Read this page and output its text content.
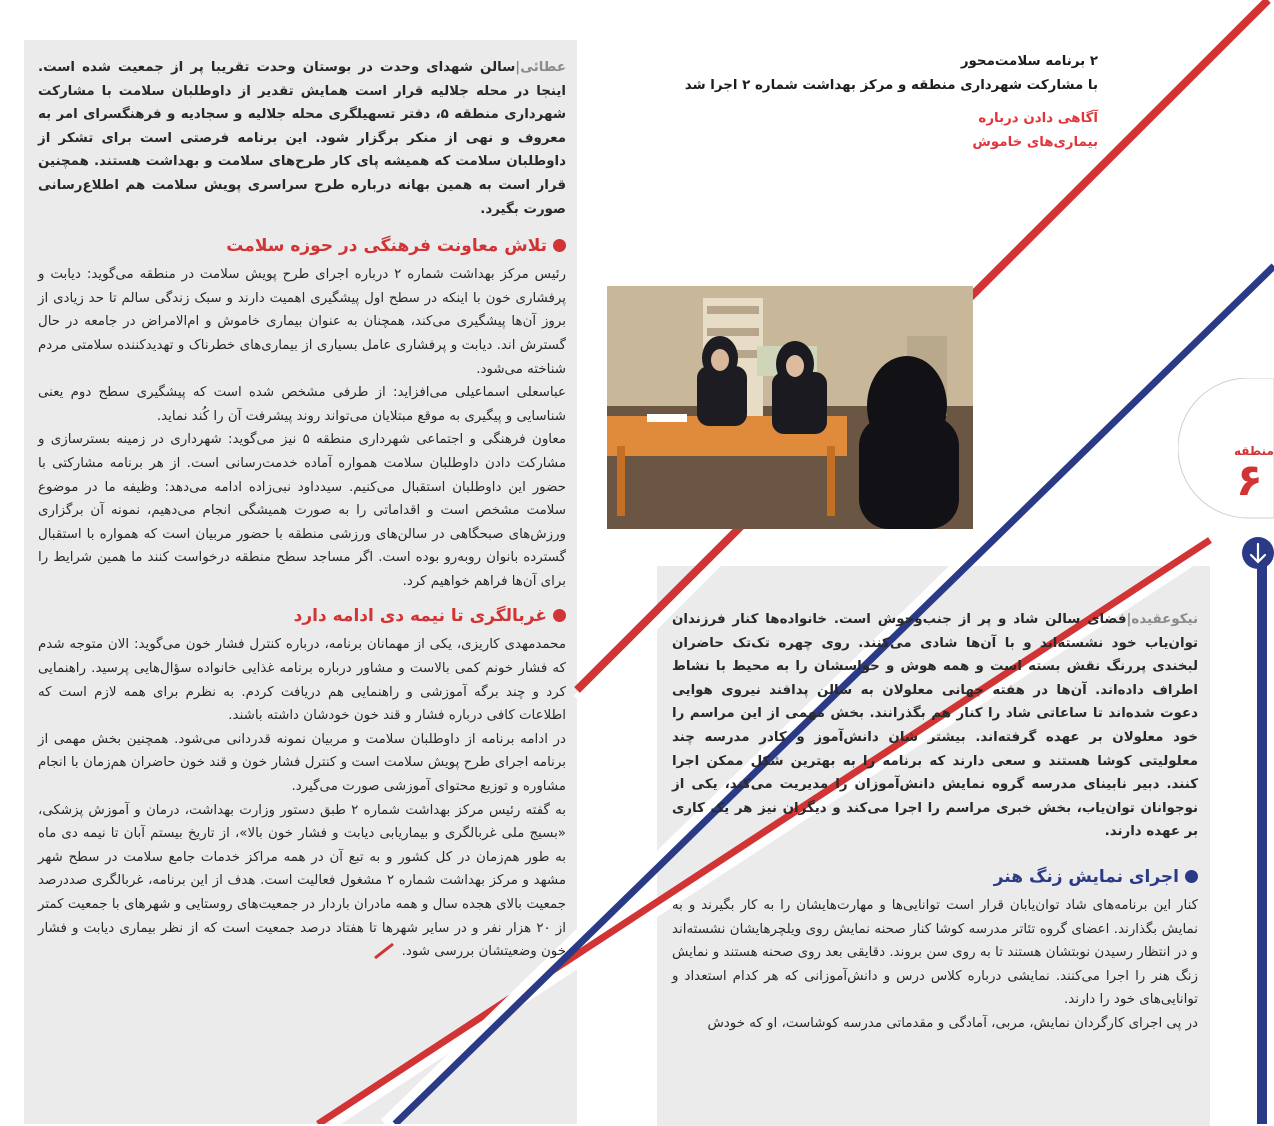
۲ برنامه سلامت‌محور

با مشارکت شهرداری منطقه و مرکز بهداشت شماره ۲ اجرا شد

آگاهی دادن درباره

بیماری‌های خاموش

منطقه
۶

عطائی|سالن شهدای وحدت در بوستان وحدت تقریبا پر از جمعیت شده است. اینجا در محله جلالیه قرار است همایش تقدیر از داوطلبان سلامت با مشارکت شهرداری منطقه ۵، دفتر تسهیلگری محله جلالیه و سجادیه و فرهنگسرای امر به معروف و نهی از منکر برگزار شود. این برنامه فرصتی است برای تشکر از داوطلبان سلامت که همیشه پای کار طرح‌های سلامت و بهداشت هستند. همچنین قرار است به همین بهانه درباره طرح سراسری پویش سلامت هم اطلاع‌رسانی صورت بگیرد.

تلاش معاونت فرهنگی در حوزه سلامت

رئیس مرکز بهداشت شماره ۲ درباره اجرای طرح پویش سلامت در منطقه می‌گوید: دیابت و پرفشاری خون با اینکه در سطح اول پیشگیری اهمیت دارند و سبک زندگی سالم تا حد زیادی از بروز آن‌ها پیشگیری می‌کند، همچنان به عنوان بیماری خاموش و ام‌الامراض در جامعه در حال گسترش اند. دیابت و پرفشاری عامل بسیاری از بیماری‌های خطرناک و تهدیدکننده سلامتی مردم شناخته می‌شود.

عباسعلی اسماعیلی می‌افزاید: از طرفی مشخص شده است که پیشگیری سطح دوم یعنی شناسایی و پیگیری به موقع مبتلایان می‌تواند روند پیشرفت آن را کُند نماید.

معاون فرهنگی و اجتماعی شهرداری منطقه ۵ نیز می‌گوید: شهرداری در زمینه بسترسازی و مشارکت دادن داوطلبان سلامت همواره آماده خدمت‌رسانی است. از هر برنامه مشارکتی با حضور این داوطلبان استقبال می‌کنیم. سیدداود نبی‌زاده ادامه می‌دهد: وظیفه ما در موضوع سلامت مشخص است و اقداماتی را به صورت همیشگی انجام می‌دهیم، نمونه آن برگزاری ورزش‌های صبحگاهی در سالن‌های ورزشی منطقه با حضور مربیان است که همواره با استقبال گسترده بانوان روبه‌رو بوده است. اگر مساجد سطح منطقه درخواست کنند ما همین شرایط را برای آن‌ها فراهم خواهیم کرد.

غربالگری تا نیمه دی ادامه دارد

محمدمهدی کاریزی، یکی از مهمانان برنامه، درباره کنترل فشار خون می‌گوید: الان متوجه شدم که فشار خونم کمی بالاست و مشاور درباره برنامه غذایی خانواده سؤال‌هایی پرسید. راهنمایی کرد و چند برگه آموزشی و راهنمایی هم دریافت کردم. به نظرم برای همه لازم است که اطلاعات کافی درباره فشار و قند خون خودشان داشته باشند.

در ادامه برنامه از داوطلبان سلامت و مربیان نمونه قدردانی می‌شود. همچنین بخش مهمی از برنامه اجرای طرح پویش سلامت است و کنترل فشار خون و قند خون حاضران هم‌زمان با انجام مشاوره و توزیع محتوای آموزشی صورت می‌گیرد.

به گفته رئیس مرکز بهداشت شماره ۲ طبق دستور وزارت بهداشت، درمان و آموزش پزشکی، «بسیج ملی غربالگری و بیماریابی دیابت و فشار خون بالا»، از تاریخ بیستم آبان تا نیمه دی ماه به طور هم‌زمان در کل کشور و به تبع آن در همه مراکز خدمات جامع سلامت در سطح شهر مشهد و مرکز بهداشت شماره ۲ مشغول فعالیت است. هدف از این برنامه، غربالگری صددرصد جمعیت بالای هجده سال و همه مادران باردار در جمعیت‌های روستایی و شهرهای با جمعیت کمتر از ۲۰ هزار نفر و در سایر شهرها تا هفتاد درصد جمعیت است که از نظر بیماری دیابت و فشار خون وضعیتشان بررسی شود.

نیکوعقیده|فضای سالن شاد و پر از جنب‌وجوش است. خانواده‌ها کنار فرزندان توان‌یاب خود نشسته‌اند و با آن‌ها شادی می‌کنند. روی چهره تک‌تک حاضران لبخندی پررنگ نقش بسته است و همه هوش و حواسشان را به محیط با نشاط اطراف داده‌اند. آن‌ها در هفته جهانی معلولان به سالن پدافند نیروی هوایی دعوت شده‌اند تا ساعاتی شاد را کنار هم بگذرانند. بخش مهمی از این مراسم را خود معلولان بر عهده گرفته‌اند. بیشتر شان دانش‌آموز و کادر مدرسه چند معلولیتی کوشا هستند و سعی دارند که برنامه را به بهترین شکل ممکن اجرا کنند. دبیر نابینای مدرسه گروه نمایش دانش‌آموزان را مدیریت می‌کند، یکی از نوجوانان توان‌یاب، بخش خبری مراسم را اجرا می‌کند و دیگران نیز هر یک کاری بر عهده دارند.

اجرای نمایش زنگ هنر

کنار این برنامه‌های شاد توان‌یابان قرار است توانایی‌ها و مهارت‌هایشان را به کار بگیرند و به نمایش بگذارند. اعضای گروه تئاتر مدرسه کوشا کنار صحنه نمایش روی ویلچرهایشان نشسته‌اند و در انتظار رسیدن نوبتشان هستند تا به روی سن بروند. دقایقی بعد روی صحنه هستند و نمایش زنگ هنر را اجرا می‌کنند. نمایشی درباره کلاس درس و دانش‌آموزانی که هر کدام استعداد و توانایی‌های خود را دارند.

در پی اجرای کارگردان نمایش، مربی، آمادگی و مقدماتی مدرسه کوشاست، او که خودش
